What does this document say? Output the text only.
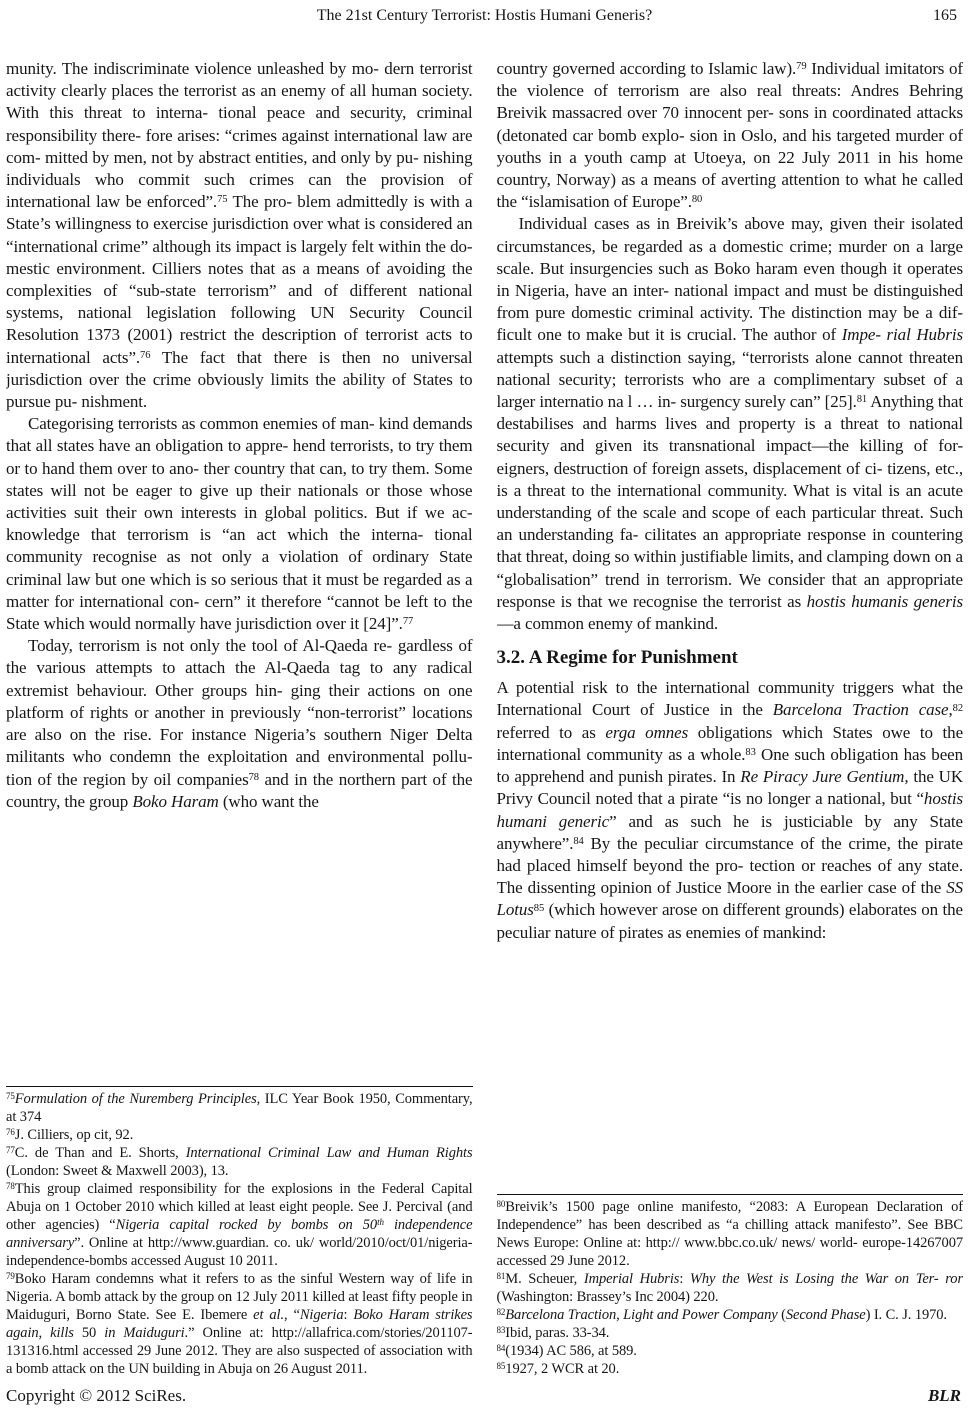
The 21st Century Terrorist: Hostis Humani Generis?	165

munity. The indiscriminate violence unleashed by mo- dern terrorist activity clearly places the terrorist as an enemy of all human society. With this threat to interna- tional peace and security, criminal responsibility there- fore arises: “crimes against international law are com- mitted by men, not by abstract entities, and only by pu- nishing individuals who commit such crimes can the provision of international law be enforced”.$^{75}$ The pro- blem admittedly is with a State’s willingness to exercise jurisdiction over what is considered an “international crime” although its impact is largely felt within the do- mestic environment. Cilliers notes that as a means of avoiding the complexities of “sub-state terrorism” and of different national systems, national legislation following UN Security Council Resolution 1373 (2001) restrict the description of terrorist acts to international acts”.$^{76}$ The fact that there is then no universal jurisdiction over the crime obviously limits the ability of States to pursue pu- nishment.

Categorising terrorists as common enemies of man- kind demands that all states have an obligation to appre- hend terrorists, to try them or to hand them over to ano- ther country that can, to try them. Some states will not be eager to give up their nationals or those whose activities suit their own interests in global politics. But if we ac- knowledge that terrorism is “an act which the interna- tional community recognise as not only a violation of ordinary State criminal law but one which is so serious that it must be regarded as a matter for international con- cern” it therefore “cannot be left to the State which would normally have jurisdiction over it [24]”.$^{77}$

Today, terrorism is not only the tool of Al-Qaeda re- gardless of the various attempts to attach the Al-Qaeda tag to any radical extremist behaviour. Other groups hin- ging their actions on one platform of rights or another in previously “non-terrorist” locations are also on the rise. For instance Nigeria’s southern Niger Delta militants who condemn the exploitation and environmental pollu- tion of the region by oil companies$^{78}$ and in the northern part of the country, the group Boko Haram (who want the

$^{75}$Formulation of the Nuremberg Principles, ILC Year Book 1950, Commentary, at 374

$^{76}$J. Cilliers, op cit, 92.

$^{77}$C. de Than and E. Shorts, International Criminal Law and Human Rights (London: Sweet & Maxwell 2003), 13.

$^{78}$This group claimed responsibility for the explosions in the Federal Capital Abuja on 1 October 2010 which killed at least eight people. See J. Percival (and other agencies) “Nigeria capital rocked by bombs on 50th independence anniversary”. Online at http://www.guardian. co. uk/ world/2010/oct/01/nigeria-independence-bombs accessed August 10 2011.

$^{79}$Boko Haram condemns what it refers to as the sinful Western way of life in Nigeria. A bomb attack by the group on 12 July 2011 killed at least fifty people in Maiduguri, Borno State. See E. Ibemere et al., “Nigeria: Boko Haram strikes again, kills 50 in Maiduguri.” Online at: http://allafrica.com/stories/201107-131316.html accessed 29 June 2012. They are also suspected of association with a bomb attack on the UN building in Abuja on 26 August 2011.

country governed according to Islamic law).$^{79}$ Individual imitators of the violence of terrorism are also real threats: Andres Behring Breivik massacred over 70 innocent per- sons in coordinated attacks (detonated car bomb explo- sion in Oslo, and his targeted murder of youths in a youth camp at Utoeya, on 22 July 2011 in his home country, Norway) as a means of averting attention to what he called the “islamisation of Europe”.$^{80}$

Individual cases as in Breivik’s above may, given their isolated circumstances, be regarded as a domestic crime; murder on a large scale. But insurgencies such as Boko haram even though it operates in Nigeria, have an inter- national impact and must be distinguished from pure domestic criminal activity. The distinction may be a dif- ficult one to make but it is crucial. The author of Impe- rial Hubris attempts such a distinction saying, “terrorists alone cannot threaten national security; terrorists who are a complimentary subset of a larger internatio na l … in- surgency surely can” [25].$^{81}$ Anything that destabilises and harms lives and property is a threat to national security and given its transnational impact—the killing of for- eigners, destruction of foreign assets, displacement of ci- tizens, etc., is a threat to the international community. What is vital is an acute understanding of the scale and scope of each particular threat. Such an understanding fa- cilitates an appropriate response in countering that threat, doing so within justifiable limits, and clamping down on a “globalisation” trend in terrorism. We consider that an appropriate response is that we recognise the terrorist as hostis humanis generis—a common enemy of mankind.

3.2. A Regime for Punishment

A potential risk to the international community triggers what the International Court of Justice in the Barcelona Traction case,$^{82}$ referred to as erga omnes obligations which States owe to the international community as a whole.$^{83}$ One such obligation has been to apprehend and punish pirates. In Re Piracy Jure Gentium, the UK Privy Council noted that a pirate “is no longer a national, but “hostis humani generic” and as such he is justiciable by any State anywhere”.$^{84}$ By the peculiar circumstance of the crime, the pirate had placed himself beyond the pro- tection or reaches of any state. The dissenting opinion of Justice Moore in the earlier case of the SS Lotus$^{85}$ (which however arose on different grounds) elaborates on the peculiar nature of pirates as enemies of mankind:

$^{80}$Breivik’s 1500 page online manifesto, “2083: A European Declaration of Independence” has been described as “a chilling attack manifesto”. See BBC News Europe: Online at: http:// www.bbc.co.uk/ news/ world- europe-14267007 accessed 29 June 2012.

$^{81}$M. Scheuer, Imperial Hubris: Why the West is Losing the War on Ter- ror (Washington: Brassey’s Inc 2004) 220.

$^{82}$Barcelona Traction, Light and Power Company (Second Phase) I. C. J. 1970.

$^{83}$Ibid, paras. 33-34.

$^{84}$(1934) AC 586, at 589.

$^{85}$1927, 2 WCR at 20.

Copyright © 2012 SciRes.	BLR
